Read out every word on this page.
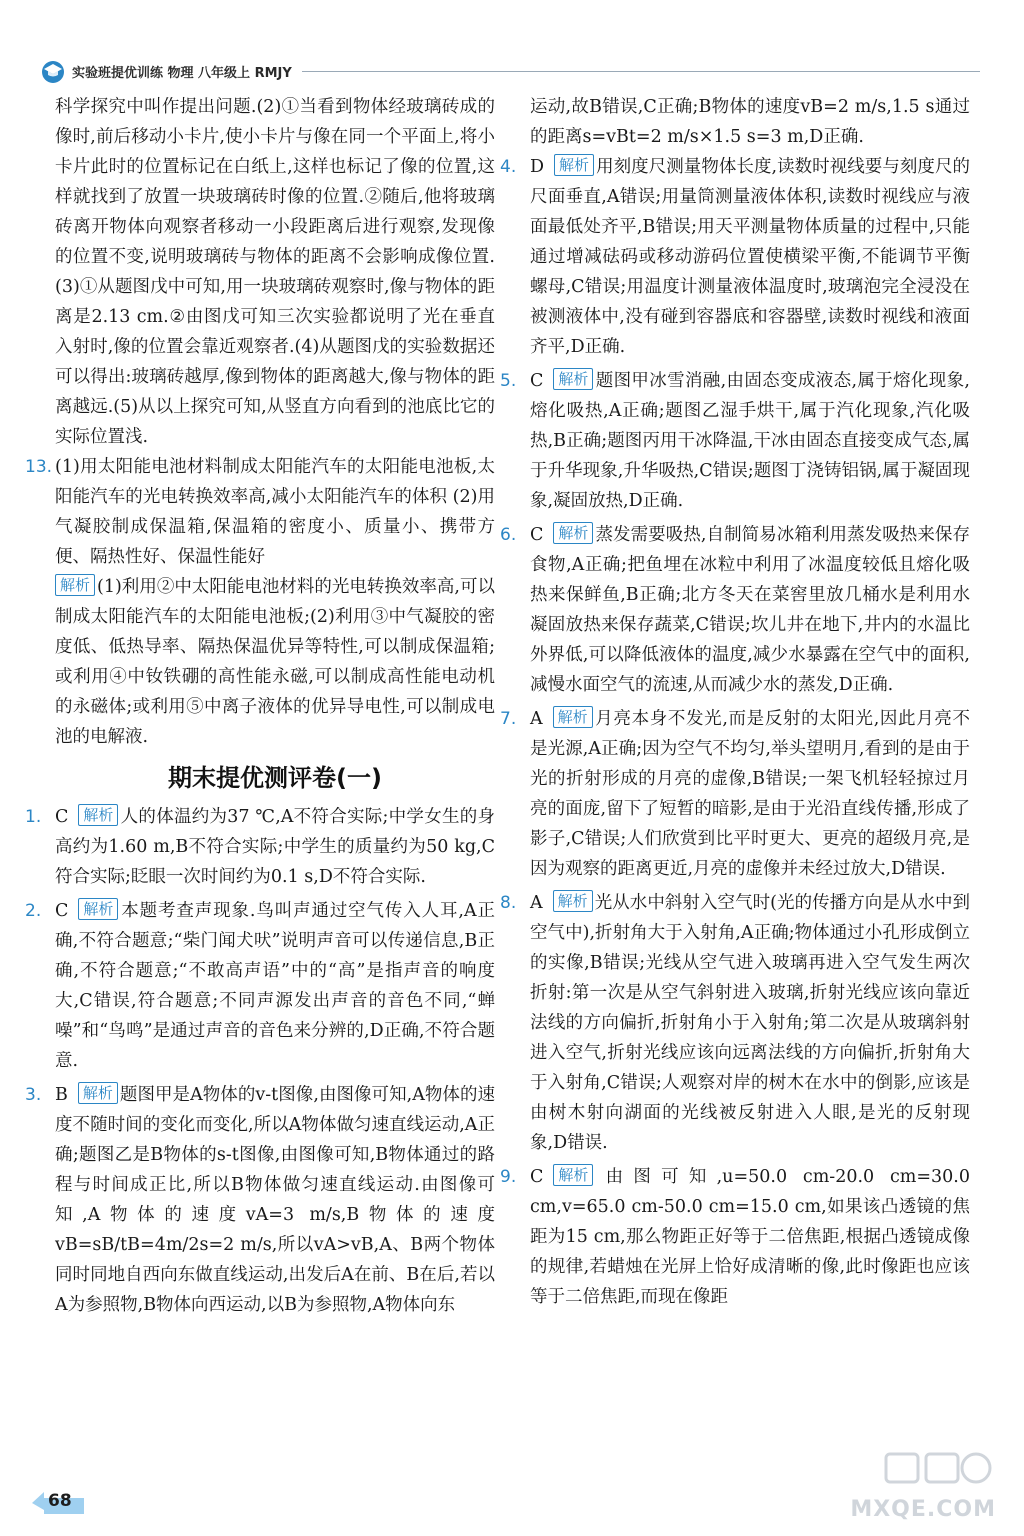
实验班提优训练 物理 八年级上 RMJY

科学探究中叫作提出问题.(2)①当看到物体经玻璃砖成的像时,前后移动小卡片,使小卡片与像在同一个平面上,将小卡片此时的位置标记在白纸上,这样也标记了像的位置,这样就找到了放置一块玻璃砖时像的位置.②随后,他将玻璃砖离开物体向观察者移动一小段距离后进行观察,发现像的位置不变,说明玻璃砖与物体的距离不会影响成像位置.(3)①从题图戊中可知,用一块玻璃砖观察时,像与物体的距离是2.13 cm.②由图戊可知三次实验都说明了光在垂直入射时,像的位置会靠近观察者.(4)从题图戊的实验数据还可以得出:玻璃砖越厚,像到物体的距离越大,像与物体的距离越远.(5)从以上探究可知,从竖直方向看到的池底比它的实际位置浅.

13. (1)用太阳能电池材料制成太阳能汽车的太阳能电池板,太阳能汽车的光电转换效率高,减小太阳能汽车的体积 (2)用气凝胶制成保温箱,保温箱的密度小、质量小、携带方便、隔热性好、保温性能好
解析 (1)利用②中太阳能电池材料的光电转换效率高,可以制成太阳能汽车的太阳能电池板;(2)利用③中气凝胶的密度低、低热导率、隔热保温优异等特性,可以制成保温箱;或利用④中钕铁硼的高性能永磁,可以制成高性能电动机的永磁体;或利用⑤中离子液体的优异导电性,可以制成电池的电解液.
期末提优测评卷(一)
1. C 解析 人的体温约为37 ℃,A不符合实际;中学女生的身高约为1.60 m,B不符合实际;中学生的质量约为50 kg,C符合实际;眨眼一次时间约为0.1 s,D不符合实际.
2. C 解析 本题考查声现象.鸟叫声通过空气传入人耳,A正确,不符合题意;“柴门闻犬吠”说明声音可以传递信息,B正确,不符合题意;“不敢高声语”中的“高”是指声音的响度大,C错误,符合题意;不同声源发出声音的音色不同,“蝉噪”和“鸟鸣”是通过声音的音色来分辨的,D正确,不符合题意.
3. B 解析 题图甲是A物体的v-t图像,由图像可知,A物体的速度不随时间的变化而变化,所以A物体做匀速直线运动,A正确;题图乙是B物体的s-t图像,由图像可知,B物体通过的路程与时间成正比,所以B物体做匀速直线运动.由图像可知,A物体的速度vA=3 m/s,B物体的速度vB=sB/tB=4m/2s=2 m/s,所以vA>vB,A、B两个物体同时同地自西向东做直线运动,出发后A在前、B在后,若以A为参照物,B物体向西运动,以B为参照物,A物体向东

运动,故B错误,C正确;B物体的速度vB=2 m/s,1.5 s通过的距离s=vBt=2 m/s×1.5 s=3 m,D正确.

4. D 解析 用刻度尺测量物体长度,读数时视线要与刻度尺的尺面垂直,A错误;用量筒测量液体体积,读数时视线应与液面最低处齐平,B错误;用天平测量物体质量的过程中,只能通过增减砝码或移动游码位置使横梁平衡,不能调节平衡螺母,C错误;用温度计测量液体温度时,玻璃泡完全浸没在被测液体中,没有碰到容器底和容器壁,读数时视线和液面齐平,D正确.
5. C 解析 题图甲冰雪消融,由固态变成液态,属于熔化现象,熔化吸热,A正确;题图乙湿手烘干,属于汽化现象,汽化吸热,B正确;题图丙用干冰降温,干冰由固态直接变成气态,属于升华现象,升华吸热,C错误;题图丁浇铸铝锅,属于凝固现象,凝固放热,D正确.
6. C 解析 蒸发需要吸热,自制简易冰箱利用蒸发吸热来保存食物,A正确;把鱼埋在冰粒中利用了冰温度较低且熔化吸热来保鲜鱼,B正确;北方冬天在菜窖里放几桶水是利用水凝固放热来保存蔬菜,C错误;坎儿井在地下,井内的水温比外界低,可以降低液体的温度,减少水暴露在空气中的面积,减慢水面空气的流速,从而减少水的蒸发,D正确.
7. A 解析 月亮本身不发光,而是反射的太阳光,因此月亮不是光源,A正确;因为空气不均匀,举头望明月,看到的是由于光的折射形成的月亮的虚像,B错误;一架飞机轻轻掠过月亮的面庞,留下了短暂的暗影,是由于光沿直线传播,形成了影子,C错误;人们欣赏到比平时更大、更亮的超级月亮,是因为观察的距离更近,月亮的虚像并未经过放大,D错误.
8. A 解析 光从水中斜射入空气时(光的传播方向是从水中到空气中),折射角大于入射角,A正确;物体通过小孔形成倒立的实像,B错误;光线从空气进入玻璃再进入空气发生两次折射:第一次是从空气斜射进入玻璃,折射光线应该向靠近法线的方向偏折,折射角小于入射角;第二次是从玻璃斜射进入空气,折射光线应该向远离法线的方向偏折,折射角大于入射角,C错误;人观察对岸的树木在水中的倒影,应该是由树木射向湖面的光线被反射进入人眼,是光的反射现象,D错误.
9. C 解析 由图可知,u=50.0 cm-20.0 cm=30.0 cm,v=65.0 cm-50.0 cm=15.0 cm,如果该凸透镜的焦距为15 cm,那么物距正好等于二倍焦距,根据凸透镜成像的规律,若蜡烛在光屏上恰好成清晰的像,此时像距也应该等于二倍焦距,而现在像距
68	MXQE.COM
